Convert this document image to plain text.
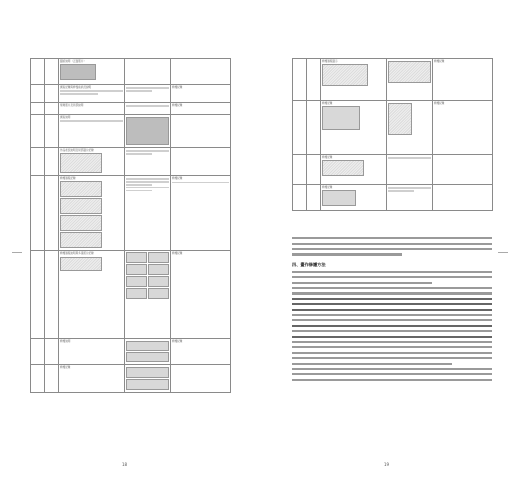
		圖版說明（正面照片）

		調查記錄與修復前狀況說明		修護紀錄
		現場照片及局部說明		修護紀錄
		調查說明

		作品狀況說明及局部圖片記錄

		修護過程記錄		修護紀錄

		修護過程說明與多張照片記錄		修護紀錄
		修護說明		修護紀錄
		修護記錄	

18
		修護過程圖示		修護紀錄
		修護記錄		修護紀錄
		修護記錄

		修護記錄

四、畫作修護方法
19
